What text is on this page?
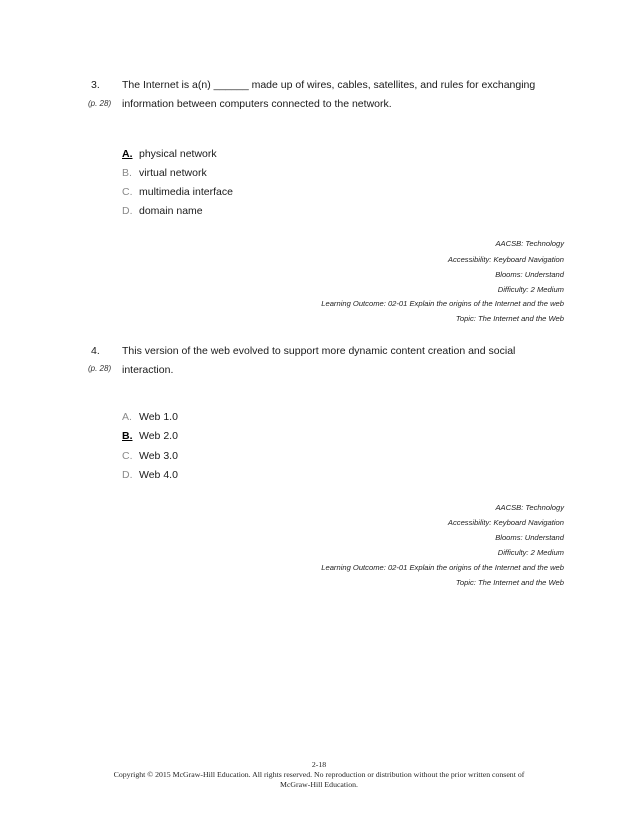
3.
(p. 28)
The Internet is a(n) ______ made up of wires, cables, satellites, and rules for exchanging
information between computers connected to the network.
A. physical network
B. virtual network
C. multimedia interface
D. domain name
AACSB: Technology
Accessibility: Keyboard Navigation
Blooms: Understand
Difficulty: 2 Medium
Learning Outcome: 02-01 Explain the origins of the Internet and the web
Topic: The Internet and the Web
4.
(p. 28)
This version of the web evolved to support more dynamic content creation and social
interaction.
A. Web 1.0
B. Web 2.0
C. Web 3.0
D. Web 4.0
AACSB: Technology
Accessibility: Keyboard Navigation
Blooms: Understand
Difficulty: 2 Medium
Learning Outcome: 02-01 Explain the origins of the Internet and the web
Topic: The Internet and the Web
2-18
Copyright © 2015 McGraw-Hill Education. All rights reserved. No reproduction or distribution without the prior written consent of
McGraw-Hill Education.
